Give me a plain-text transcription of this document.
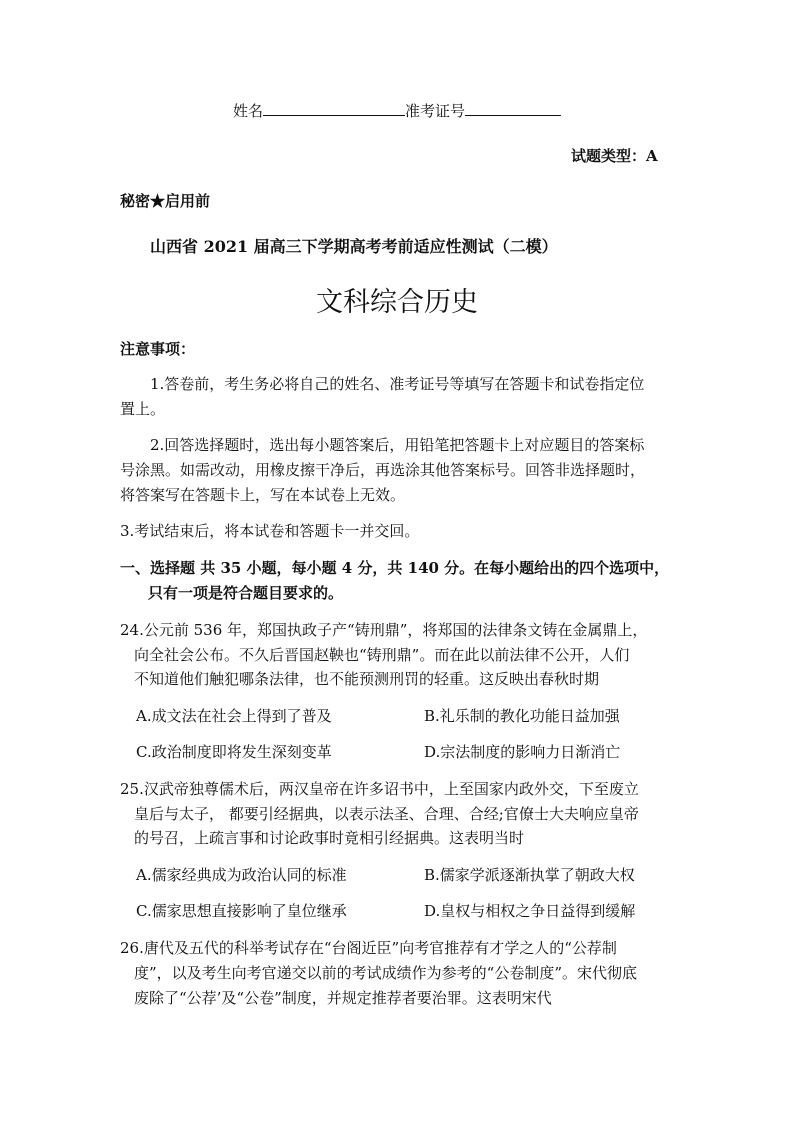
姓名	准考证号
试题类型：A
秘密★启用前
山西省 2021 届高三下学期高考考前适应性测试（二模）
文科综合历史
注意事项：
1.答卷前，考生务必将自己的姓名、准考证号等填写在答题卡和试卷指定位
置上。
2.回答选择题时，选出每小题答案后，用铅笔把答题卡上对应题目的答案标
号涂黑。如需改动，用橡皮擦干净后，再选涂其他答案标号。回答非选择题时，
将答案写在答题卡上，写在本试卷上无效。
3.考试结束后，将本试卷和答题卡一并交回。
一、选择题 共 35 小题，每小题 4 分，共 140 分。在每小题给出的四个选项中，
只有一项是符合题目要求的。
24.公元前 536 年，郑国执政子产“铸刑鼎”，将郑国的法律条文铸在金属鼎上，
向全社会公布。不久后晋国赵鞅也“铸刑鼎”。而在此以前法律不公开，人们
不知道他们触犯哪条法律，也不能预测刑罚的轻重。这反映出春秋时期
A.成文法在社会上得到了普及	B.礼乐制的教化功能日益加强
C.政治制度即将发生深刻变革	D.宗法制度的影响力日渐消亡
25.汉武帝独尊儒术后，两汉皇帝在许多诏书中，上至国家内政外交，下至废立
皇后与太子， 都要引经据典，以表示法圣、合理、合经;官僚士大夫响应皇帝
的号召，上疏言事和讨论政事时竟相引经据典。这表明当时
A.儒家经典成为政治认同的标准	B.儒家学派逐渐执掌了朝政大权
C.儒家思想直接影响了皇位继承	D.皇权与相权之争日益得到缓解
26.唐代及五代的科举考试存在“台阁近臣”向考官推荐有才学之人的“公荐制
度”，以及考生向考官递交以前的考试成绩作为参考的“公卷制度”。宋代彻底
废除了“公荐’及“公卷”制度，并规定推荐者要治罪。这表明宋代
